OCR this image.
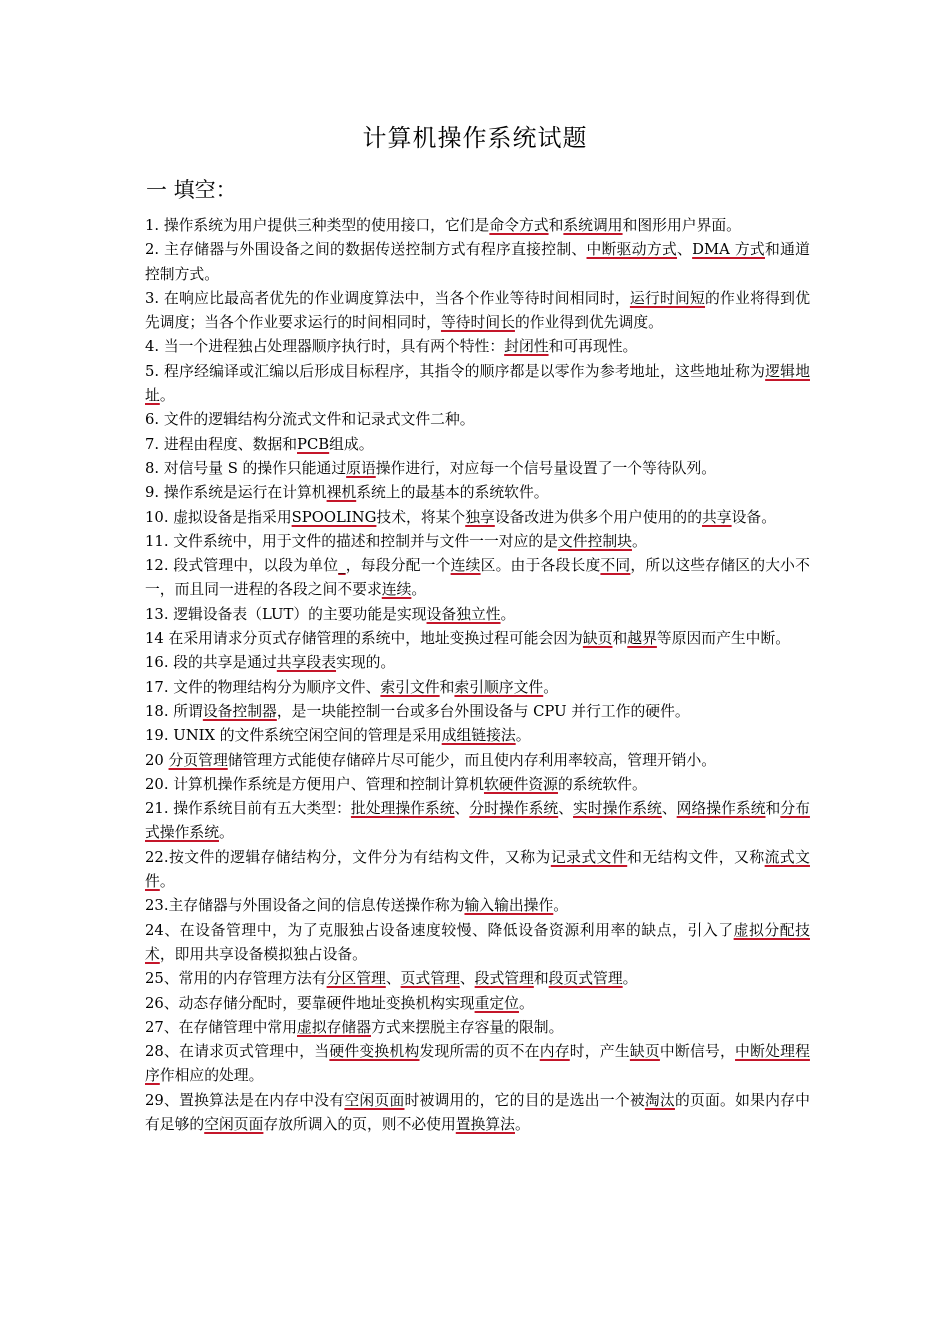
计算机操作系统试题
一 填空：

1. 操作系统为用户提供三种类型的使用接口，它们是命令方式和系统调用和图形用户界面。

2. 主存储器与外围设备之间的数据传送控制方式有程序直接控制、中断驱动方式、DMA 方式和通道控制方式。

3. 在响应比最高者优先的作业调度算法中，当各个作业等待时间相同时，运行时间短的作业将得到优先调度；当各个作业要求运行的时间相同时，等待时间长的作业得到优先调度。

4. 当一个进程独占处理器顺序执行时，具有两个特性：封闭性和可再现性。

5. 程序经编译或汇编以后形成目标程序，其指令的顺序都是以零作为参考地址，这些地址称为逻辑地址。

6. 文件的逻辑结构分流式文件和记录式文件二种。

7. 进程由程度、数据和PCB组成。

8. 对信号量 S 的操作只能通过原语操作进行，对应每一个信号量设置了一个等待队列。

9. 操作系统是运行在计算机裸机系统上的最基本的系统软件。

10. 虚拟设备是指采用SPOOLING技术，将某个独享设备改进为供多个用户使用的的共享设备。

11. 文件系统中，用于文件的描述和控制并与文件一一对应的是文件控制块。

12. 段式管理中，以段为单位_，每段分配一个连续区。由于各段长度不同，所以这些存储区的大小不一，而且同一进程的各段之间不要求连续。

13. 逻辑设备表（LUT）的主要功能是实现设备独立性。

14 在采用请求分页式存储管理的系统中，地址变换过程可能会因为缺页和越界等原因而产生中断。

16. 段的共享是通过共享段表实现的。

17. 文件的物理结构分为顺序文件、索引文件和索引顺序文件。

18. 所谓设备控制器，是一块能控制一台或多台外围设备与 CPU 并行工作的硬件。

19. UNIX 的文件系统空闲空间的管理是采用成组链接法。

20 分页管理储管理方式能使存储碎片尽可能少，而且使内存利用率较高，管理开销小。

20. 计算机操作系统是方便用户、管理和控制计算机软硬件资源的系统软件。

21. 操作系统目前有五大类型：批处理操作系统、分时操作系统、实时操作系统、网络操作系统和分布式操作系统。

22.按文件的逻辑存储结构分，文件分为有结构文件，又称为记录式文件和无结构文件，又称流式文件。

23.主存储器与外围设备之间的信息传送操作称为输入输出操作。

24、在设备管理中，为了克服独占设备速度较慢、降低设备资源利用率的缺点，引入了虚拟分配技术，即用共享设备模拟独占设备。

25、常用的内存管理方法有分区管理、页式管理、段式管理和段页式管理。

26、动态存储分配时，要靠硬件地址变换机构实现重定位。

27、在存储管理中常用虚拟存储器方式来摆脱主存容量的限制。

28、在请求页式管理中，当硬件变换机构发现所需的页不在内存时，产生缺页中断信号，中断处理程序作相应的处理。

29、置换算法是在内存中没有空闲页面时被调用的，它的目的是选出一个被淘汰的页面。如果内存中有足够的空闲页面存放所调入的页，则不必使用置换算法。
